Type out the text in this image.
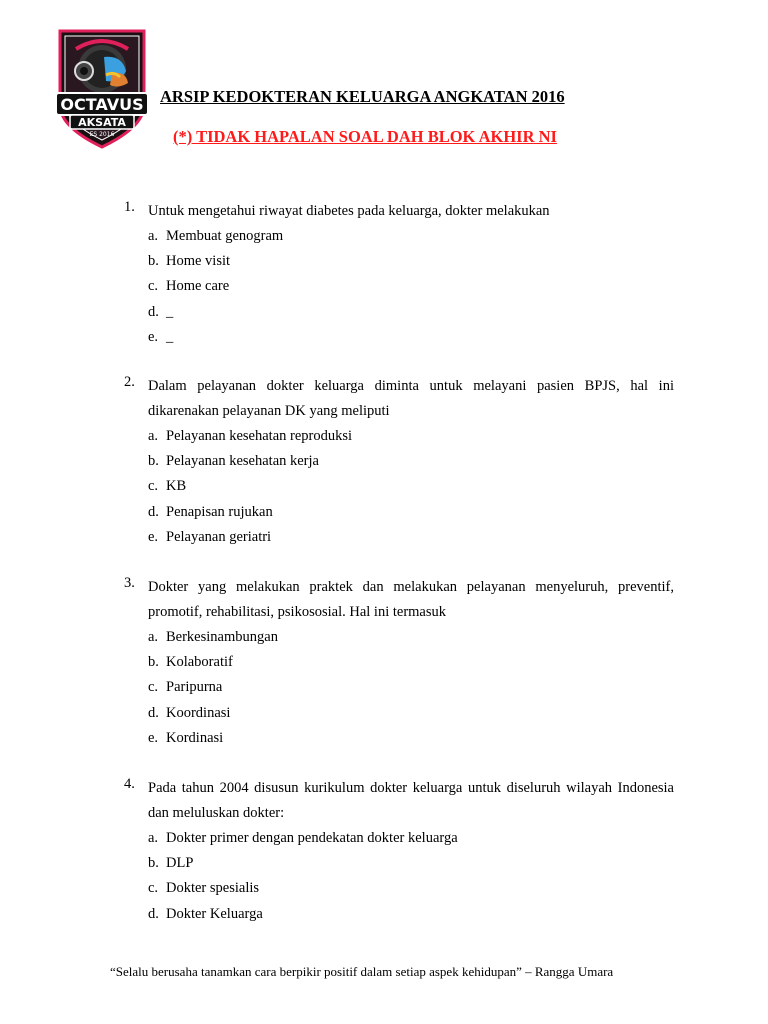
OCTAVUS
AKSATA
ES 2016
ARSIP KEDOKTERAN KELUARGA ANGKATAN 2016
(*) TIDAK HAPALAN SOAL DAH BLOK AKHIR NI
1. Untuk mengetahui riwayat diabetes pada keluarga, dokter melakukan
a. Membuat genogram
b. Home visit
c. Home care
d. _
e. _
2. Dalam pelayanan dokter keluarga diminta untuk melayani pasien BPJS, hal ini dikarenakan pelayanan DK yang meliputi
a. Pelayanan kesehatan reproduksi
b. Pelayanan kesehatan kerja
c. KB
d. Penapisan rujukan
e. Pelayanan geriatri
3. Dokter yang melakukan praktek dan melakukan pelayanan menyeluruh, preventif, promotif, rehabilitasi, psikososial. Hal ini termasuk
a. Berkesinambungan
b. Kolaboratif
c. Paripurna
d. Koordinasi
e. Kordinasi
4. Pada tahun 2004 disusun kurikulum dokter keluarga untuk diseluruh wilayah Indonesia dan meluluskan dokter:
a. Dokter primer dengan pendekatan dokter keluarga
b. DLP
c. Dokter spesialis
d. Dokter Keluarga
“Selalu berusaha tanamkan cara berpikir positif dalam setiap aspek kehidupan” – Rangga Umara
